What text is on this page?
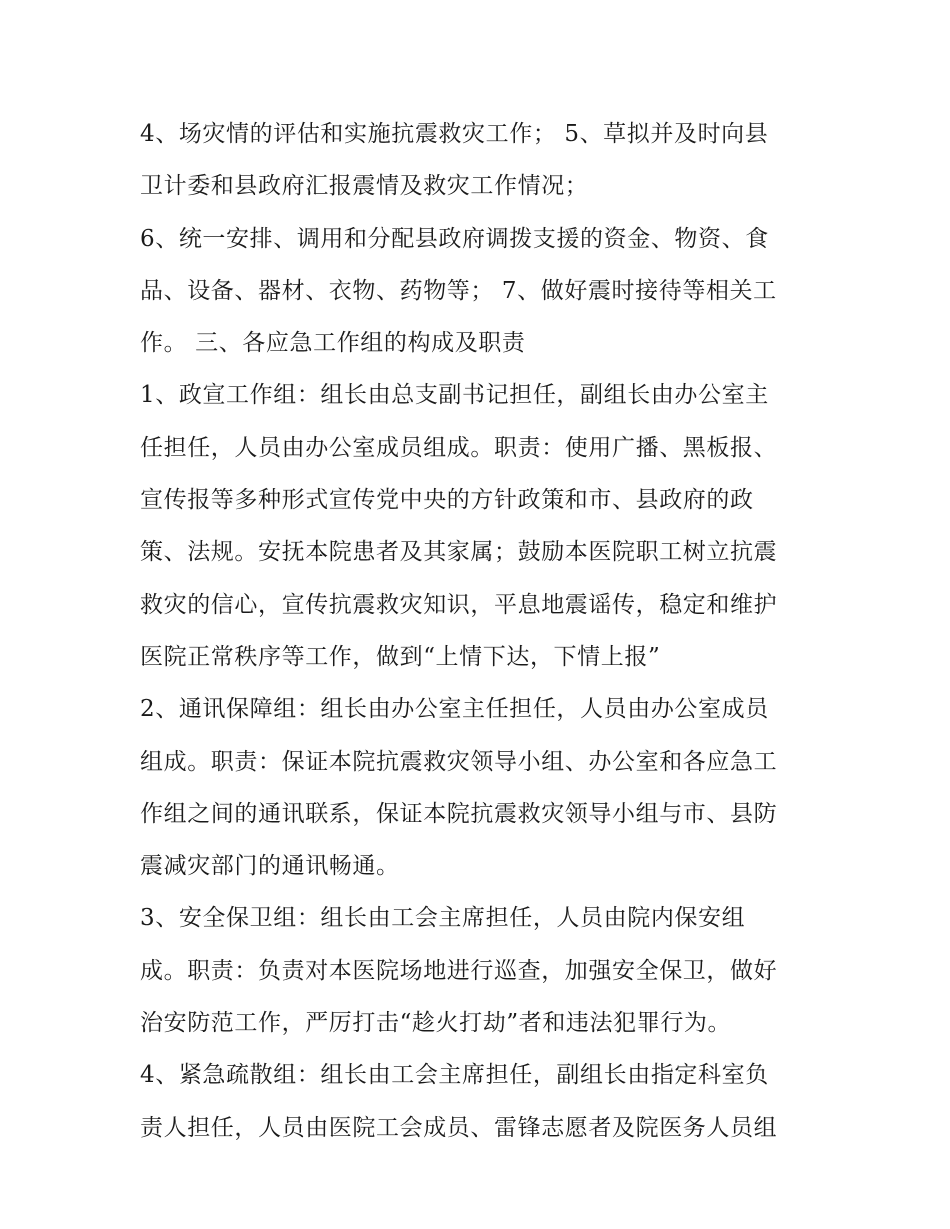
4、场灾情的评估和实施抗震救灾工作； 5、草拟并及时向县
卫计委和县政府汇报震情及救灾工作情况；
6、统一安排、调用和分配县政府调拨支援的资金、物资、食
品、设备、器材、衣物、药物等； 7、做好震时接待等相关工
作。 三、各应急工作组的构成及职责
1、政宣工作组：组长由总支副书记担任，副组长由办公室主
任担任，人员由办公室成员组成。职责：使用广播、黑板报、
宣传报等多种形式宣传党中央的方针政策和市、县政府的政
策、法规。安抚本院患者及其家属；鼓励本医院职工树立抗震
救灾的信心，宣传抗震救灾知识，平息地震谣传，稳定和维护
医院正常秩序等工作，做到“上情下达，下情上报”
2、通讯保障组：组长由办公室主任担任，人员由办公室成员
组成。职责：保证本院抗震救灾领导小组、办公室和各应急工
作组之间的通讯联系，保证本院抗震救灾领导小组与市、县防
震减灾部门的通讯畅通。
3、安全保卫组：组长由工会主席担任，人员由院内保安组
成。职责：负责对本医院场地进行巡查，加强安全保卫，做好
治安防范工作，严厉打击“趁火打劫”者和违法犯罪行为。
4、紧急疏散组：组长由工会主席担任，副组长由指定科室负
责人担任，人员由医院工会成员、雷锋志愿者及院医务人员组
